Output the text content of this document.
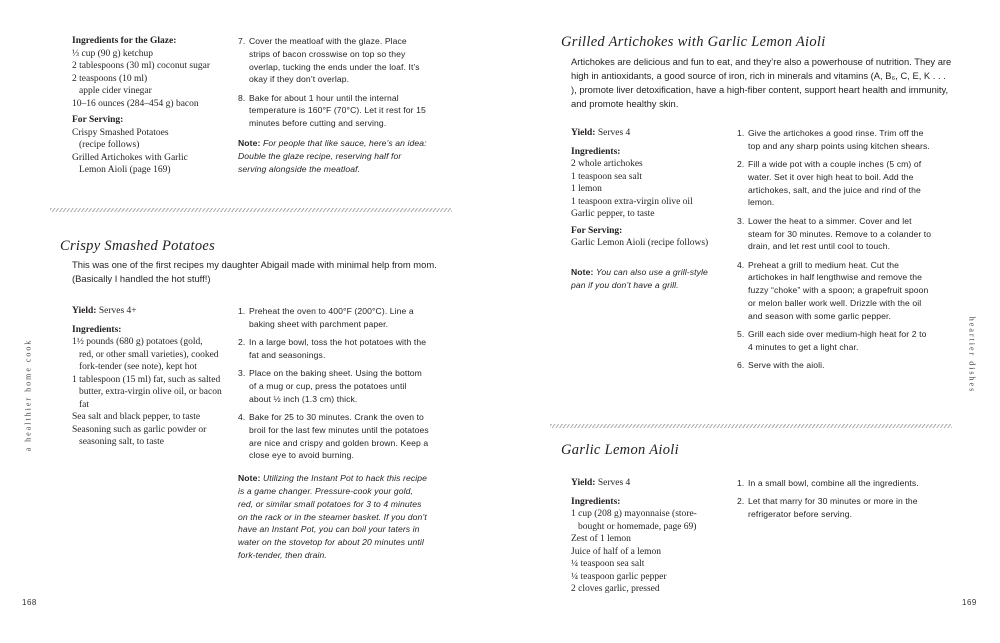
Ingredients for the Glaze:
⅓ cup (90 g) ketchup
2 tablespoons (30 ml) coconut sugar
2 teaspoons (10 ml) apple cider vinegar
10–16 ounces (284–454 g) bacon
For Serving:
Crispy Smashed Potatoes (recipe follows)
Grilled Artichokes with Garlic Lemon Aioli (page 169)
7. Cover the meatloaf with the glaze. Place strips of bacon crosswise on top so they overlap, tucking the ends under the loaf. It’s okay if they don’t overlap.
8. Bake for about 1 hour until the internal temperature is 160°F (70°C). Let it rest for 15 minutes before cutting and serving.
Note: For people that like sauce, here’s an idea: Double the glaze recipe, reserving half for serving alongside the meatloaf.
Crispy Smashed Potatoes
This was one of the first recipes my daughter Abigail made with minimal help from mom. (Basically I handled the hot stuff!)
Yield: Serves 4+
Ingredients:
1½ pounds (680 g) potatoes (gold, red, or other small varieties), cooked fork-tender (see note), kept hot
1 tablespoon (15 ml) fat, such as salted butter, extra-virgin olive oil, or bacon fat
Sea salt and black pepper, to taste
Seasoning such as garlic powder or seasoning salt, to taste
1. Preheat the oven to 400°F (200°C). Line a baking sheet with parchment paper.
2. In a large bowl, toss the hot potatoes with the fat and seasonings.
3. Place on the baking sheet. Using the bottom of a mug or cup, press the potatoes until about ½ inch (1.3 cm) thick.
4. Bake for 25 to 30 minutes. Crank the oven to broil for the last few minutes until the potatoes are nice and crispy and golden brown. Keep a close eye to avoid burning.
Note: Utilizing the Instant Pot to hack this recipe is a game changer. Pressure-cook your gold, red, or similar small potatoes for 3 to 4 minutes on the rack or in the steamer basket. If you don’t have an Instant Pot, you can boil your taters in water on the stovetop for about 20 minutes until fork-tender, then drain.
168
a healthier home cook
Grilled Artichokes with Garlic Lemon Aioli
Artichokes are delicious and fun to eat, and they’re also a powerhouse of nutrition. They are high in antioxidants, a good source of iron, rich in minerals and vitamins (A, B₆, C, E, K . . . ), promote liver detoxification, have a high-fiber content, support heart health and immunity, and promote healthy skin.
Yield: Serves 4
Ingredients:
2 whole artichokes
1 teaspoon sea salt
1 lemon
1 teaspoon extra-virgin olive oil
Garlic pepper, to taste
For Serving:
Garlic Lemon Aioli (recipe follows)
Note: You can also use a grill-style pan if you don’t have a grill.
1. Give the artichokes a good rinse. Trim off the top and any sharp points using kitchen shears.
2. Fill a wide pot with a couple inches (5 cm) of water. Set it over high heat to boil. Add the artichokes, salt, and the juice and rind of the lemon.
3. Lower the heat to a simmer. Cover and let steam for 30 minutes. Remove to a colander to drain, and let rest until cool to touch.
4. Preheat a grill to medium heat. Cut the artichokes in half lengthwise and remove the fuzzy “choke” with a spoon; a grapefruit spoon or melon baller work well. Drizzle with the oil and season with some garlic pepper.
5. Grill each side over medium-high heat for 2 to 4 minutes to get a light char.
6. Serve with the aioli.
Garlic Lemon Aioli
Yield: Serves 4
Ingredients:
1 cup (208 g) mayonnaise (store-bought or homemade, page 69)
Zest of 1 lemon
Juice of half of a lemon
¼ teaspoon sea salt
¼ teaspoon garlic pepper
2 cloves garlic, pressed
1. In a small bowl, combine all the ingredients.
2. Let that marry for 30 minutes or more in the refrigerator before serving.
169
heartier dishes
